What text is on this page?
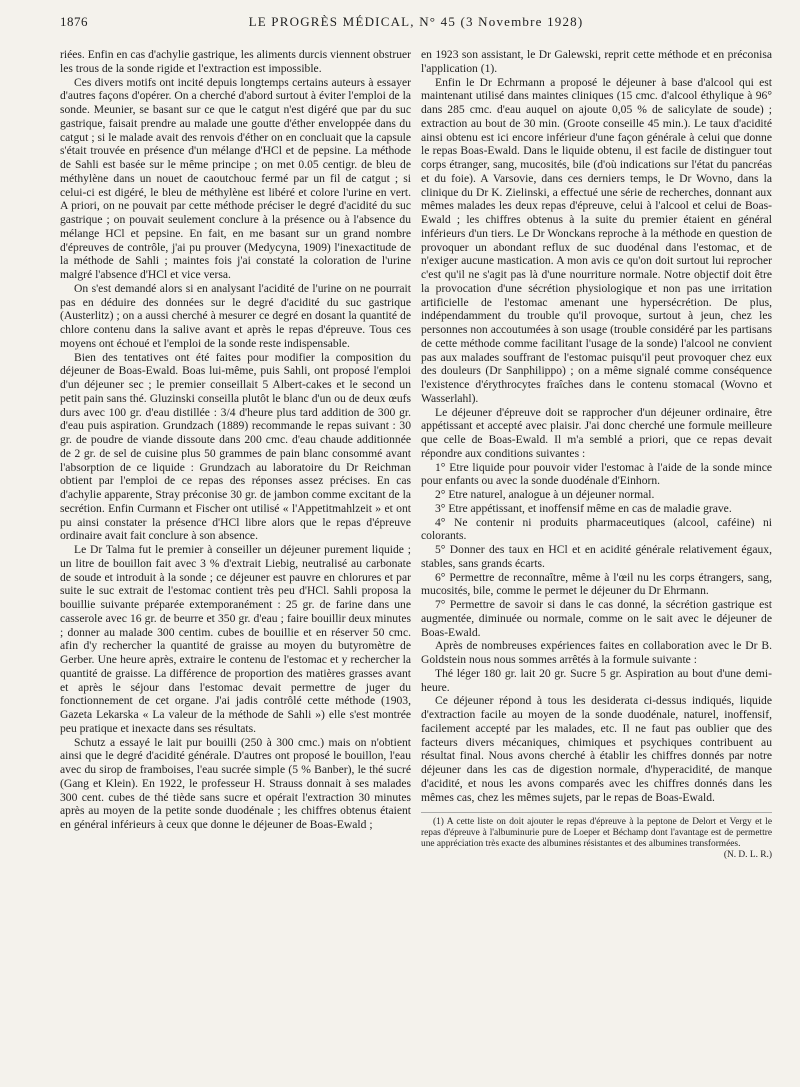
1876	LE PROGRÈS MÉDICAL, N° 45 (3 Novembre 1928)

riées. Enfin en cas d'achylie gastrique, les aliments durcis viennent obstruer les trous de la sonde rigide et l'extraction est impossible.

Ces divers motifs ont incité depuis longtemps certains auteurs à essayer d'autres façons d'opérer. On a cherché d'abord surtout à éviter l'emploi de la sonde. Meunier, se basant sur ce que le catgut n'est digéré que par du suc gastrique, faisait prendre au malade une goutte d'éther enveloppée dans du catgut ; si le malade avait des renvois d'éther on en concluait que la capsule s'était trouvée en présence d'un mélange d'HCl et de pepsine. La méthode de Sahli est basée sur le même principe ; on met 0.05 centigr. de bleu de méthylène dans un nouet de caoutchouc fermé par un fil de catgut ; si celui-ci est digéré, le bleu de méthylène est libéré et colore l'urine en vert. A priori, on ne pouvait par cette méthode préciser le degré d'acidité du suc gastrique ; on pouvait seulement conclure à la présence ou à l'absence du mélange HCl et pepsine. En fait, en me basant sur un grand nombre d'épreuves de contrôle, j'ai pu prouver (Medycyna, 1909) l'inexactitude de la méthode de Sahli ; maintes fois j'ai constaté la coloration de l'urine malgré l'absence d'HCl et vice versa.

On s'est demandé alors si en analysant l'acidité de l'urine on ne pourrait pas en déduire des données sur le degré d'acidité du suc gastrique (Austerlitz) ; on a aussi cherché à mesurer ce degré en dosant la quantité de chlore contenu dans la salive avant et après le repas d'épreuve. Tous ces moyens ont échoué et l'emploi de la sonde reste indispensable.

Bien des tentatives ont été faites pour modifier la composition du déjeuner de Boas-Ewald. Boas lui-même, puis Sahli, ont proposé l'emploi d'un déjeuner sec ; le premier conseillait 5 Albert-cakes et le second un petit pain sans thé. Gluzinski conseilla plutôt le blanc d'un ou de deux œufs durs avec 100 gr. d'eau distillée : 3/4 d'heure plus tard addition de 300 gr. d'eau puis aspiration. Grundzach (1889) recommande le repas suivant : 30 gr. de poudre de viande dissoute dans 200 cmc. d'eau chaude additionnée de 2 gr. de sel de cuisine plus 50 grammes de pain blanc consommé avant l'absorption de ce liquide : Grundzach au laboratoire du Dr Reichman obtient par l'emploi de ce repas des réponses assez précises. En cas d'achylie apparente, Stray préconise 30 gr. de jambon comme excitant de la secrétion. Enfin Curmann et Fischer ont utilisé « l'Appetitmahlzeit » et ont pu ainsi constater la présence d'HCl libre alors que le repas d'épreuve ordinaire avait fait conclure à son absence.

Le Dr Talma fut le premier à conseiller un déjeuner purement liquide ; un litre de bouillon fait avec 3 % d'extrait Liebig, neutralisé au carbonate de soude et introduit à la sonde ; ce déjeuner est pauvre en chlorures et par suite le suc extrait de l'estomac contient très peu d'HCl. Sahli proposa la bouillie suivante préparée extemporanément : 25 gr. de farine dans une casserole avec 16 gr. de beurre et 350 gr. d'eau ; faire bouillir deux minutes ; donner au malade 300 centim. cubes de bouillie et en réserver 50 cmc. afin d'y rechercher la quantité de graisse au moyen du butyromètre de Gerber. Une heure après, extraire le contenu de l'estomac et y rechercher la quantité de graisse. La différence de proportion des matières grasses avant et après le séjour dans l'estomac devait permettre de juger du fonctionnement de cet organe. J'ai jadis contrôlé cette méthode (1903, Gazeta Lekarska « La valeur de la méthode de Sahli ») elle s'est montrée peu pratique et inexacte dans ses résultats.

Schutz a essayé le lait pur bouilli (250 à 300 cmc.) mais on n'obtient ainsi que le degré d'acidité générale. D'autres ont proposé le bouillon, l'eau avec du sirop de framboises, l'eau sucrée simple (5 % Banber), le thé sucré (Gang et Klein). En 1922, le professeur H. Strauss donnait à ses malades 300 cent. cubes de thé tiède sans sucre et opérait l'extraction 30 minutes après au moyen de la petite sonde duodénale ; les chiffres obtenus étaient en général inférieurs à ceux que donne le déjeuner de Boas-Ewald ;

en 1923 son assistant, le Dr Galewski, reprit cette méthode et en préconisa l'application (1).

Enfin le Dr Echrmann a proposé le déjeuner à base d'alcool qui est maintenant utilisé dans maintes cliniques (15 cmc. d'alcool éthylique à 96° dans 285 cmc. d'eau auquel on ajoute 0,05 % de salicylate de soude) ; extraction au bout de 30 min. (Groote conseille 45 min.). Le taux d'acidité ainsi obtenu est ici encore inférieur d'une façon générale à celui que donne le repas Boas-Ewald. Dans le liquide obtenu, il est facile de distinguer tout corps étranger, sang, mucosités, bile (d'où indications sur l'état du pancréas et du foie). A Varsovie, dans ces derniers temps, le Dr Wovno, dans la clinique du Dr K. Zielinski, a effectué une série de recherches, donnant aux mêmes malades les deux repas d'épreuve, celui à l'alcool et celui de Boas-Ewald ; les chiffres obtenus à la suite du premier étaient en général inférieurs d'un tiers. Le Dr Wonckans reproche à la méthode en question de provoquer un abondant reflux de suc duodénal dans l'estomac, et de n'exiger aucune mastication. A mon avis ce qu'on doit surtout lui reprocher c'est qu'il ne s'agit pas là d'une nourriture normale. Notre objectif doit être la provocation d'une sécrétion physiologique et non pas une irritation artificielle de l'estomac amenant une hypersécrétion. De plus, indépendamment du trouble qu'il provoque, surtout à jeun, chez les personnes non accoutumées à son usage (trouble considéré par les partisans de cette méthode comme facilitant l'usage de la sonde) l'alcool ne convient pas aux malades souffrant de l'estomac puisqu'il peut provoquer chez eux des douleurs (Dr Sanphilippo) ; on a même signalé comme conséquence l'existence d'érythrocytes fraîches dans le contenu stomacal (Wovno et Wasserlahl).

Le déjeuner d'épreuve doit se rapprocher d'un déjeuner ordinaire, être appétissant et accepté avec plaisir. J'ai donc cherché une formule meilleure que celle de Boas-Ewald. Il m'a semblé a priori, que ce repas devait répondre aux conditions suivantes :

1° Etre liquide pour pouvoir vider l'estomac à l'aide de la sonde mince pour enfants ou avec la sonde duodénale d'Einhorn.

2° Etre naturel, analogue à un déjeuner normal.

3° Etre appétissant, et inoffensif même en cas de maladie grave.

4° Ne contenir ni produits pharmaceutiques (alcool, caféine) ni colorants.

5° Donner des taux en HCl et en acidité générale relativement égaux, stables, sans grands écarts.

6° Permettre de reconnaître, même à l'œil nu les corps étrangers, sang, mucosités, bile, comme le permet le déjeuner du Dr Ehrmann.

7° Permettre de savoir si dans le cas donné, la sécrétion gastrique est augmentée, diminuée ou normale, comme on le sait avec le déjeuner de Boas-Ewald.

Après de nombreuses expériences faites en collaboration avec le Dr B. Goldstein nous nous sommes arrêtés à la formule suivante :

Thé léger 180 gr. lait 20 gr. Sucre 5 gr. Aspiration au bout d'une demi-heure.

Ce déjeuner répond à tous les desiderata ci-dessus indiqués, liquide d'extraction facile au moyen de la sonde duodénale, naturel, inoffensif, facilement accepté par les malades, etc. Il ne faut pas oublier que des facteurs divers mécaniques, chimiques et psychiques contribuent au résultat final. Nous avons cherché à établir les chiffres donnés par notre déjeuner dans les cas de digestion normale, d'hyperacidité, de manque d'acidité, et nous les avons comparés avec les chiffres donnés dans les mêmes cas, chez les mêmes sujets, par le repas de Boas-Ewald.

(1) A cette liste on doit ajouter le repas d'épreuve à la peptone de Delort et Vergy et le repas d'épreuve à l'albuminurie pure de Loeper et Béchamp dont l'avantage est de permettre une appréciation très exacte des albumines résistantes et des albumines transformées.
(N. D. L. R.)
